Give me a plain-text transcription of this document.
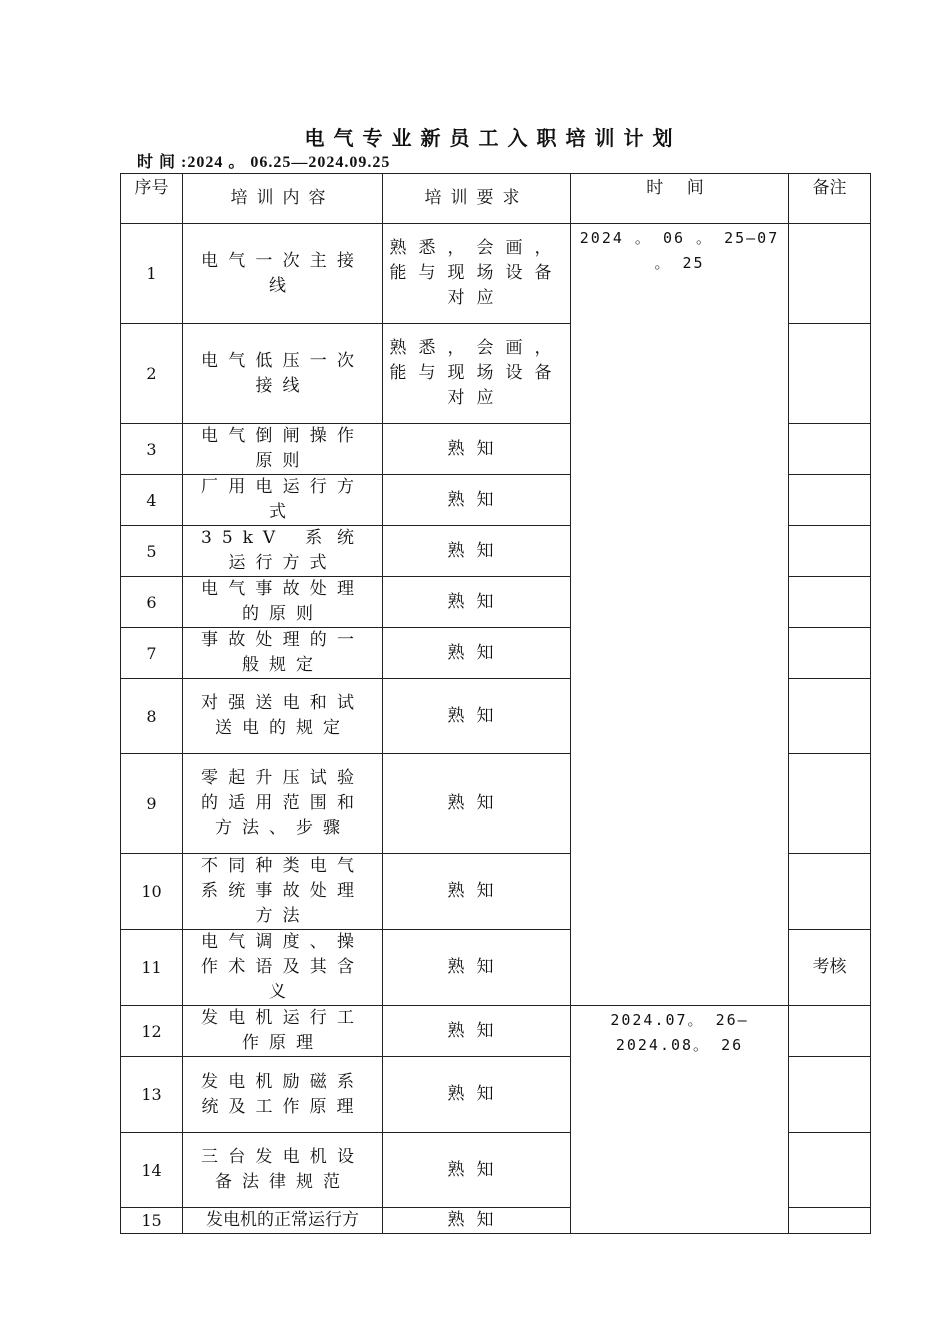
电气专业新员工入职培训计划
时 间 :2024 。 06.25—2024.09.25
序号	培训内容	培训要求	时 间	备注
1	电气一次主接线	熟悉，会画，能与现场设备对应	2024 。 06 。 25—07 。 25	
2	电气低压一次接线	熟悉，会画，能与现场设备对应		
3	电气倒闸操作原则	熟知		
4	厂用电运行方式	熟知		
5	35kV 系统运行方式	熟知		
6	电气事故处理的原则	熟知		
7	事故处理的一般规定	熟知		
8	对强送电和试送电的规定	熟知		
9	零起升压试验的适用范围和方法、步骤	熟知		
10	不同种类电气系统事故处理方法	熟知		
11	电气调度、操作术语及其含义	熟知		考核
12	发电机运行工作原理	熟知	2024.07。 26—2024.08。 26	
13	发电机励磁系统及工作原理	熟知		
14	三台发电机设备法律规范	熟知		
15	发电机的正常运行方	熟知		
